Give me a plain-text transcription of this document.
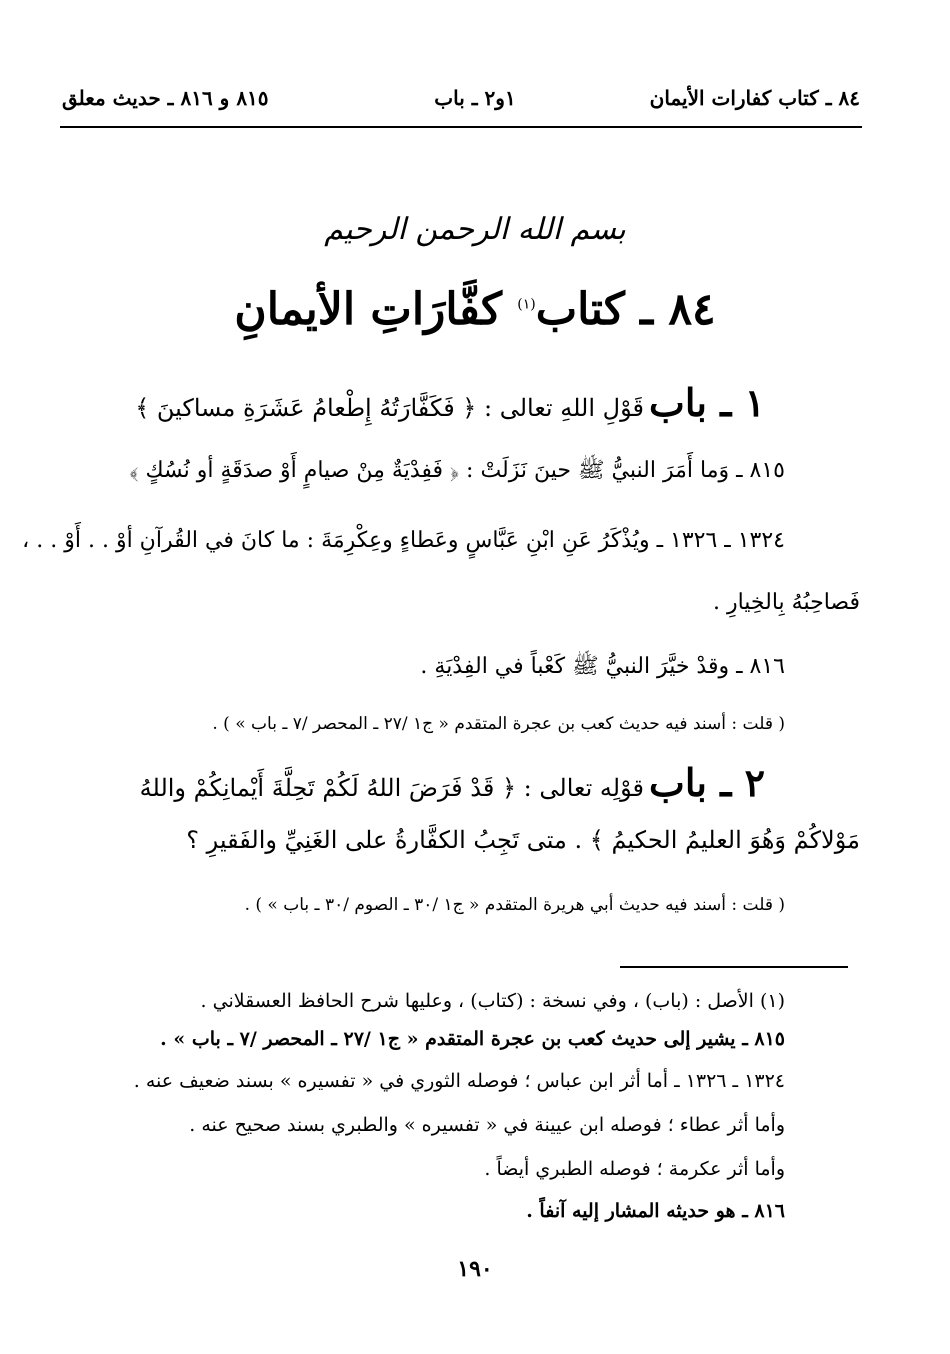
٨٤ ـ كتاب كفارات الأيمان
١و٢ ـ باب
٨١٥ و ٨١٦ ـ حديث معلق
بسم الله الرحمن الرحيم
٨٤ ـ كتاب$^{(١)}$ كفَّارَاتِ الأيمانِ
١ ـ باب قَوْلِ اللهِ تعالى : ﴿ فَكَفَّارَتُهُ إِطْعامُ عَشَرَةِ مساكينَ ﴾
٨١٥ ـ وَما أَمَرَ النبيُّ ﷺ حينَ نَزَلَتْ : ﴿ فَفِدْيَةٌ مِنْ صيامٍ أَوْ صدَقَةٍ أو نُسُكٍ ﴾
١٣٢٤ ـ ١٣٢٦ ـ ويُذْكَرُ عَنِ ابْنِ عَبَّاسٍ وعَطاءٍ وعِكْرِمَةَ : ما كانَ في القُرآنِ أوْ . . أَوْ . . ،
فَصاحِبُهُ بِالخِيارِ .
٨١٦ ـ وقدْ خيَّرَ النبيُّ ﷺ كَعْباً في الفِدْيَةِ .
( قلت : أسند فيه حديث كعب بن عجرة المتقدم « ج١ /٢٧ ـ المحصر /٧ ـ باب » ) .
٢ ـ باب قوْلِه تعالى : ﴿ قَدْ فَرَضَ اللهُ لَكُمْ تَحِلَّةَ أَيْمانِكُمْ واللهُ
مَوْلاكُمْ وَهُوَ العليمُ الحكيمُ ﴾ . متى تَجِبُ الكفَّارةُ على الغَنِيِّ والفَقيرِ ؟
( قلت : أسند فيه حديث أبي هريرة المتقدم « ج١ /٣٠ ـ الصوم /٣٠ ـ باب » ) .
(١) الأصل : (باب) ، وفي نسخة : (كتاب) ، وعليها شرح الحافظ العسقلاني .
٨١٥ ـ يشير إلى حديث كعب بن عجرة المتقدم « ج١ /٢٧ ـ المحصر /٧ ـ باب » .
١٣٢٤ ـ ١٣٢٦ ـ أما أثر ابن عباس ؛ فوصله الثوري في « تفسيره » بسند ضعيف عنه .
وأما أثر عطاء ؛ فوصله ابن عيينة في « تفسيره » والطبري بسند صحيح عنه .
وأما أثر عكرمة ؛ فوصله الطبري أيضاً .
٨١٦ ـ هو حديثه المشار إليه آنفاً .
١٩٠
